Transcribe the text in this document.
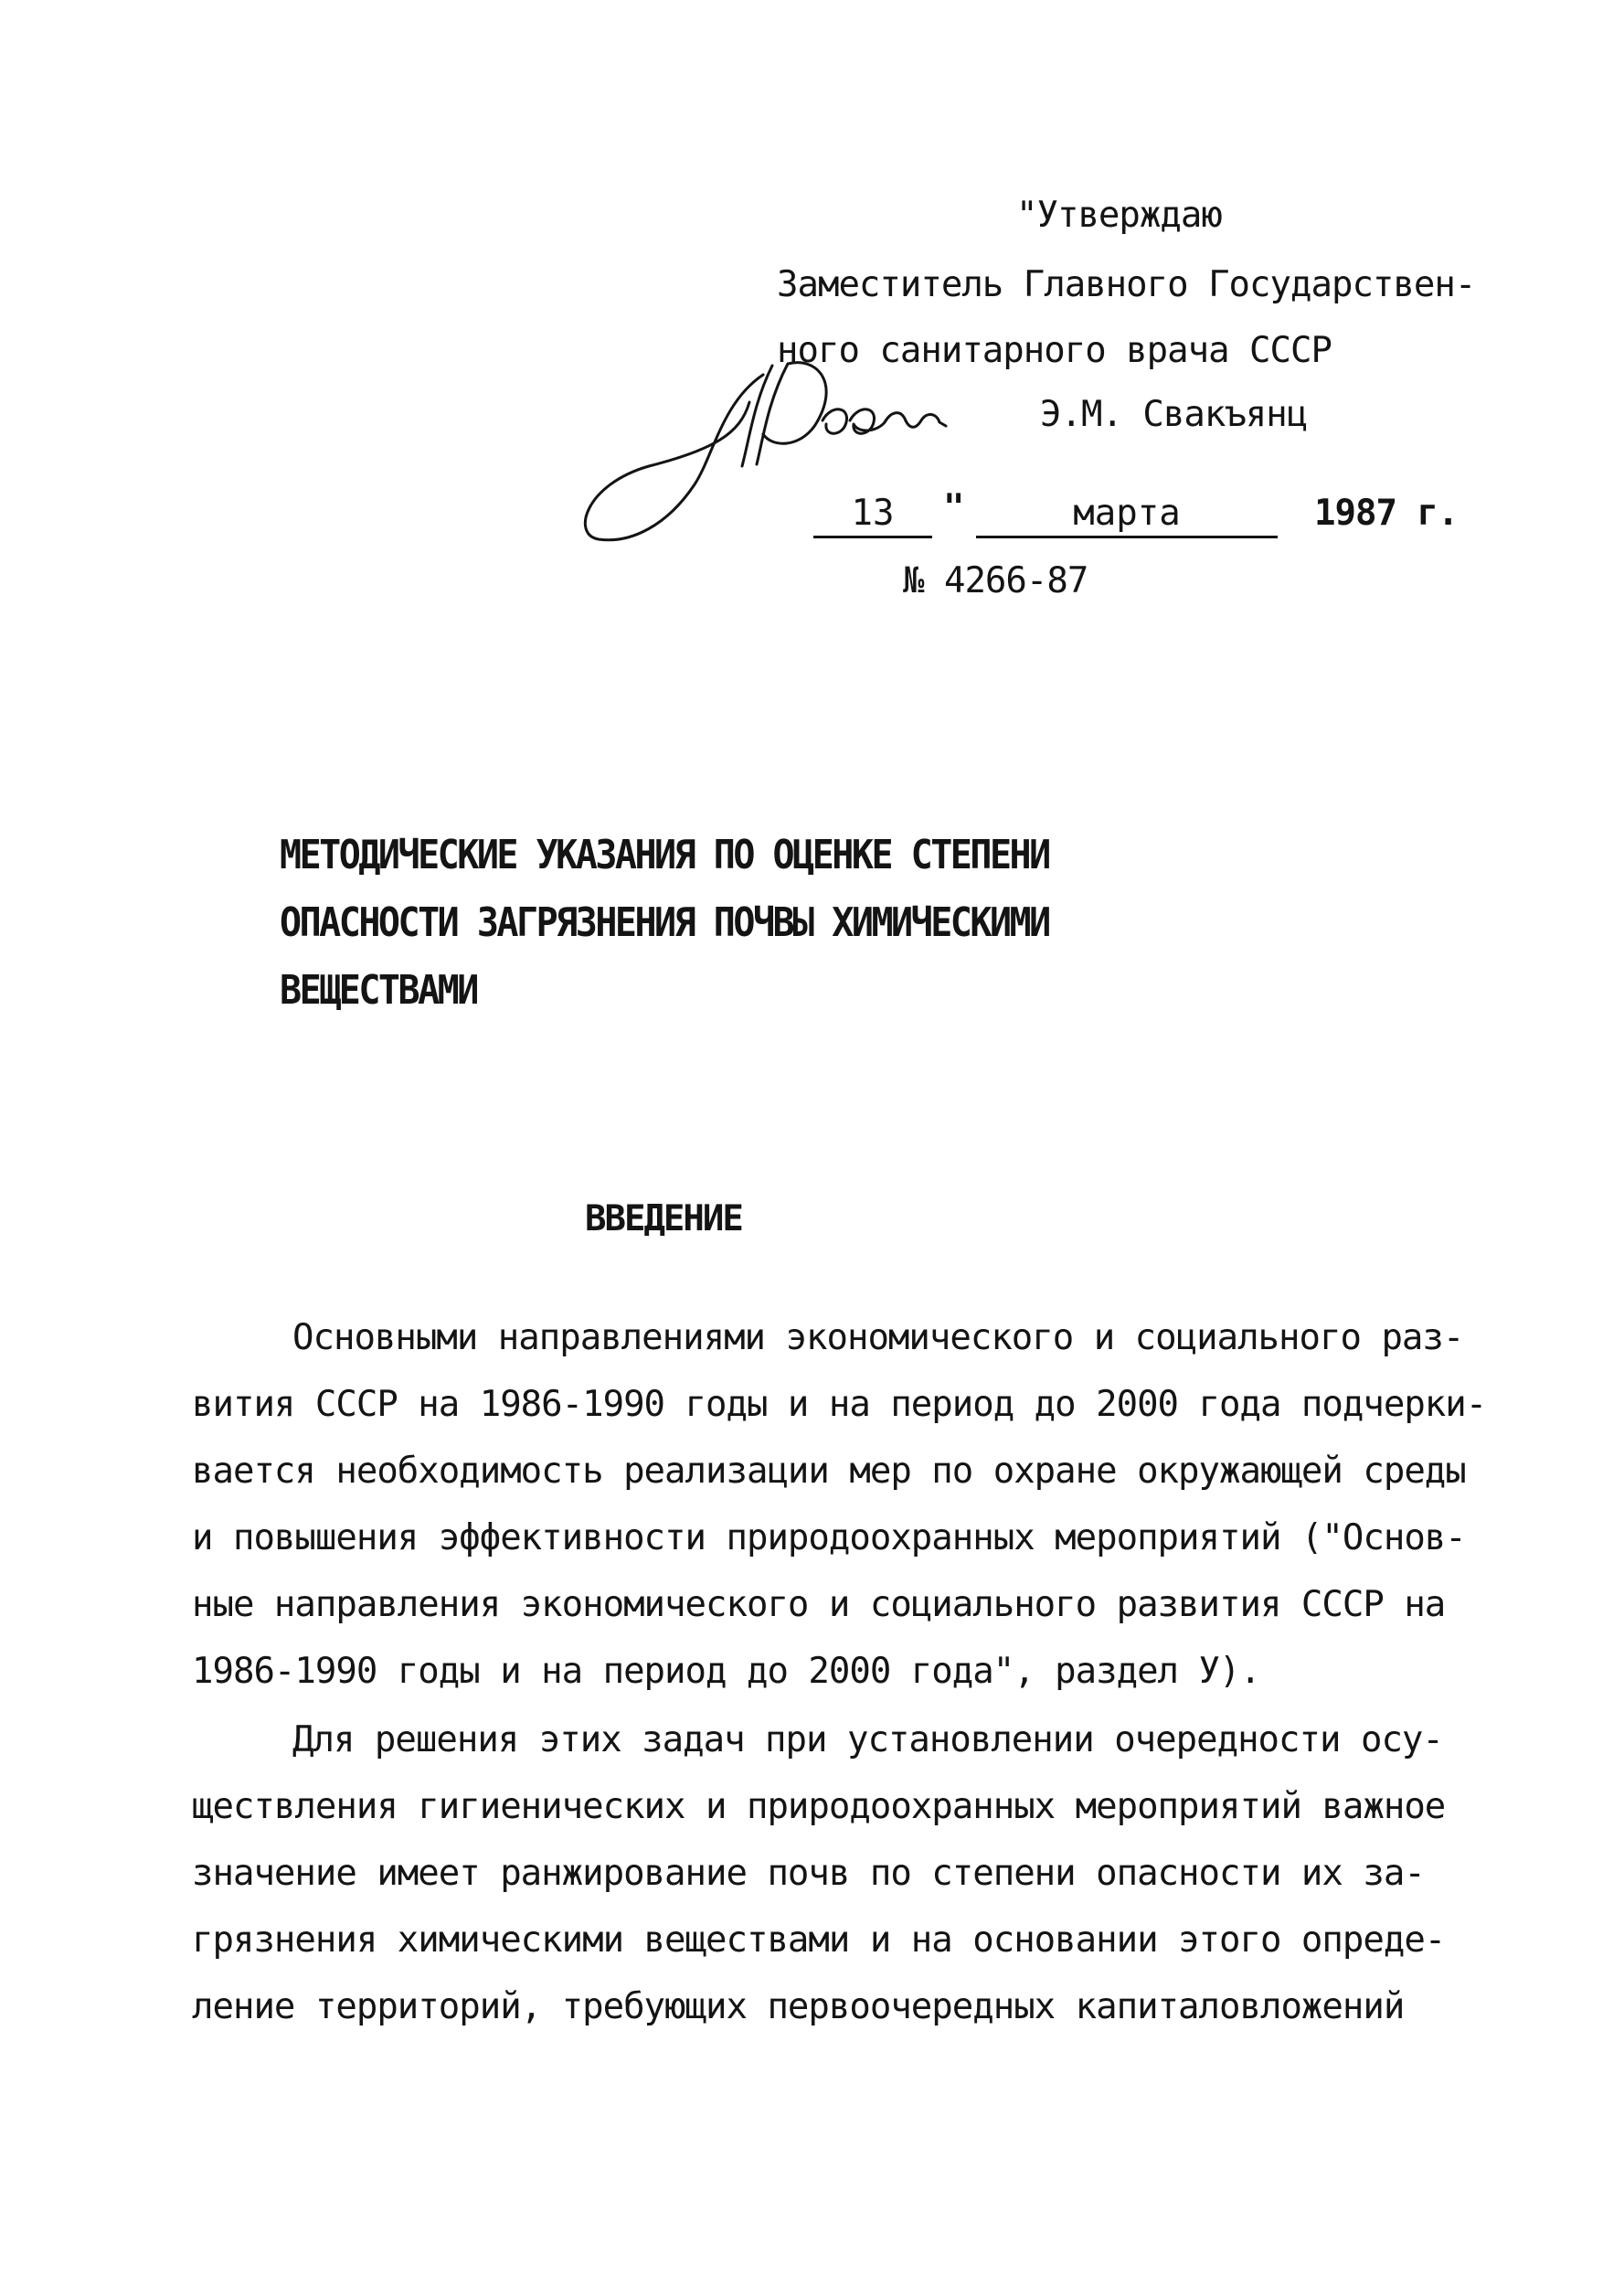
"Утверждаю
Заместитель Главного Государствен-
ного санитарного врача СССР
Э.М. Свакъянц
13	"	марта	1987 г.
№ 4266-87
МЕТОДИЧЕСКИЕ УКАЗАНИЯ ПО ОЦЕНКЕ СТЕПЕНИ
ОПАСНОСТИ ЗАГРЯЗНЕНИЯ ПОЧВЫ ХИМИЧЕСКИМИ
ВЕЩЕСТВАМИ
ВВЕДЕНИЕ
Основными направлениями экономического и социального раз-
вития СССР на 1986-1990 годы и на период до 2000 года подчерки-
вается необходимость реализации мер по охране окружающей среды
и повышения эффективности природоохранных мероприятий ("Основ-
ные направления экономического и социального развития СССР на
1986-1990 годы и на период до 2000 года", раздел У).
Для решения этих задач при установлении очередности осу-
ществления гигиенических и природоохранных мероприятий важное
значение имеет ранжирование почв по степени опасности их за-
грязнения химическими веществами и на основании этого опреде-
ление территорий, требующих первоочередных капиталовложений
